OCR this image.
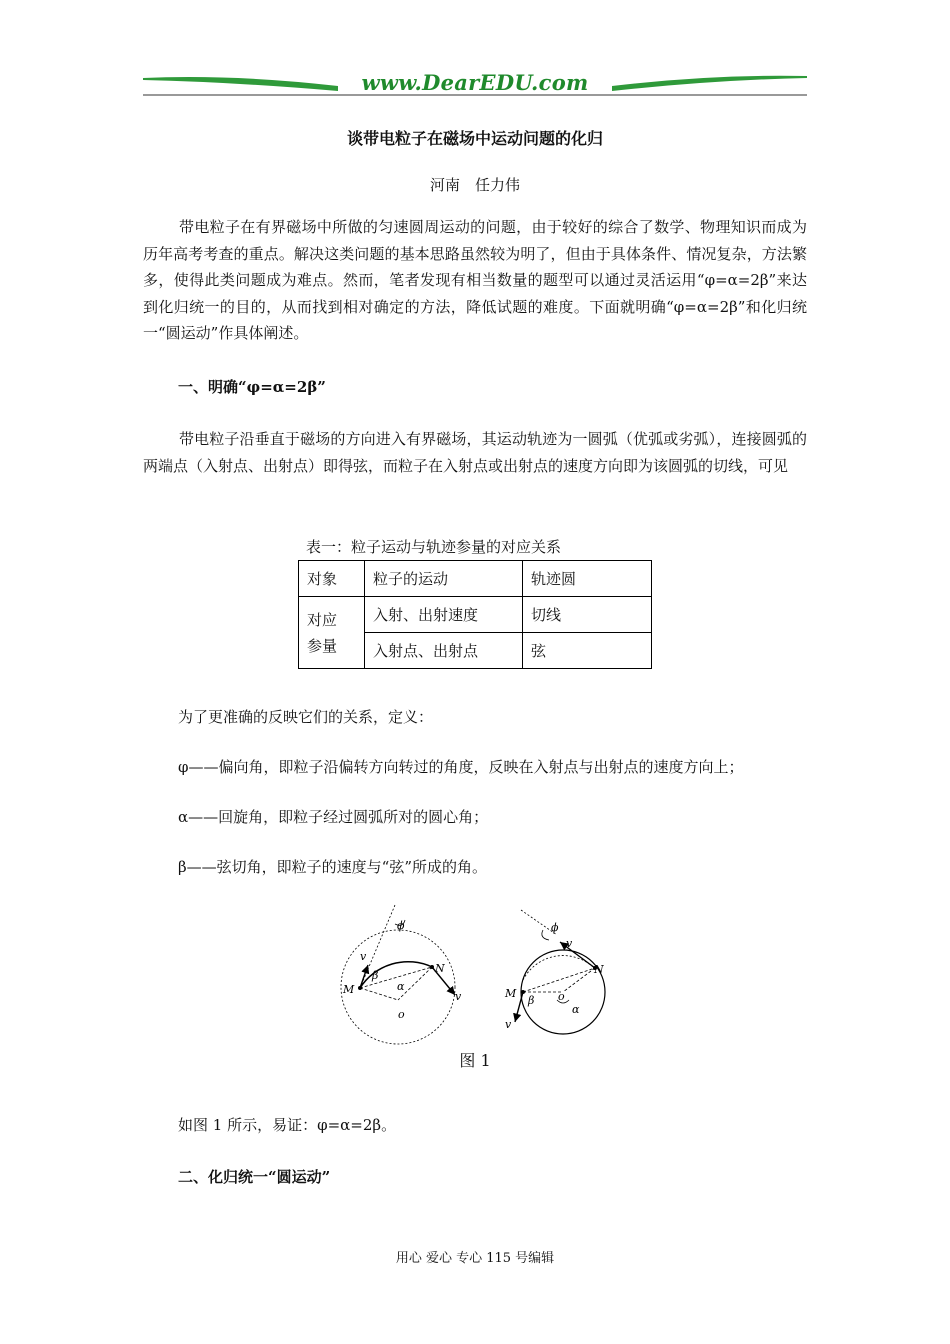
www.DearEDU.com
谈带电粒子在磁场中运动问题的化归
河南　任力伟

带电粒子在有界磁场中所做的匀速圆周运动的问题，由于较好的综合了数学、物理知识而成为历年高考考查的重点。解决这类问题的基本思路虽然较为明了，但由于具体条件、情况复杂，方法繁多，使得此类问题成为难点。然而，笔者发现有相当数量的题型可以通过灵活运用“φ=α=2β”来达到化归统一的目的，从而找到相对确定的方法，降低试题的难度。下面就明确“φ=α=2β”和化归统一“圆运动”作具体阐述。

一、明确“φ=α=2β”

带电粒子沿垂直于磁场的方向进入有界磁场，其运动轨迹为一圆弧（优弧或劣弧），连接圆弧的两端点（入射点、出射点）即得弦，而粒子在入射点或出射点的速度方向即为该圆弧的切线，可见

表一：粒子运动与轨迹参量的对应关系
对象	粒子的运动	轨迹圆
对应
参量	入射、出射速度	切线
	入射点、出射点	弦
为了更准确的反映它们的关系，定义：
φ——偏向角，即粒子沿偏转方向转过的角度，反映在入射点与出射点的速度方向上；
α——回旋角，即粒子经过圆弧所对的圆心角；
β——弦切角，即粒子的速度与“弦”所成的角。
M
N
v
v
ϕ
β
α
o
M
N
v
v
ϕ
β
α
o
图 1
如图 1 所示，易证：φ=α=2β。
二、化归统一“圆运动”
用心 爱心 专心 115 号编辑
